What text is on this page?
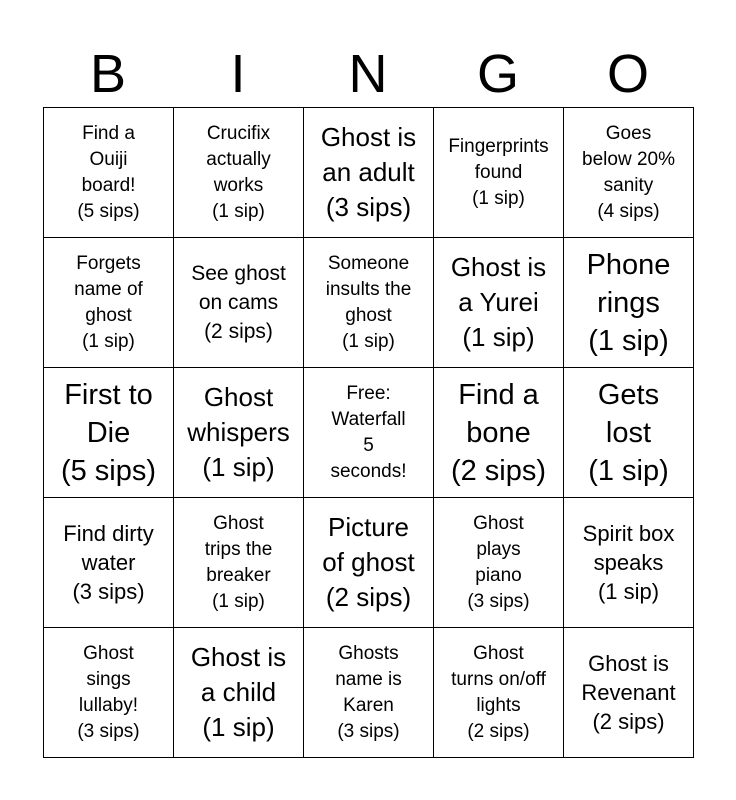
B	I	N	G	O
Find a
Ouiji
board!
(5 sips)	Crucifix
actually
works
(1 sip)	Ghost is
an adult
(3 sips)	Fingerprints
found
(1 sip)	Goes
below 20%
sanity
(4 sips)

Forgets
name of
ghost
(1 sip)	See ghost
on cams
(2 sips)	Someone
insults the
ghost
(1 sip)	Ghost is
a Yurei
(1 sip)	Phone
rings
(1 sip)

First to
Die
(5 sips)	Ghost
whispers
(1 sip)	Free:
Waterfall
5
seconds!	Find a
bone
(2 sips)	Gets
lost
(1 sip)

Find dirty
water
(3 sips)	Ghost
trips the
breaker
(1 sip)	Picture
of ghost
(2 sips)	Ghost
plays
piano
(3 sips)	Spirit box
speaks
(1 sip)

Ghost
sings
lullaby!
(3 sips)	Ghost is
a child
(1 sip)	Ghosts
name is
Karen
(3 sips)	Ghost
turns on/off
lights
(2 sips)	Ghost is
Revenant
(2 sips)
